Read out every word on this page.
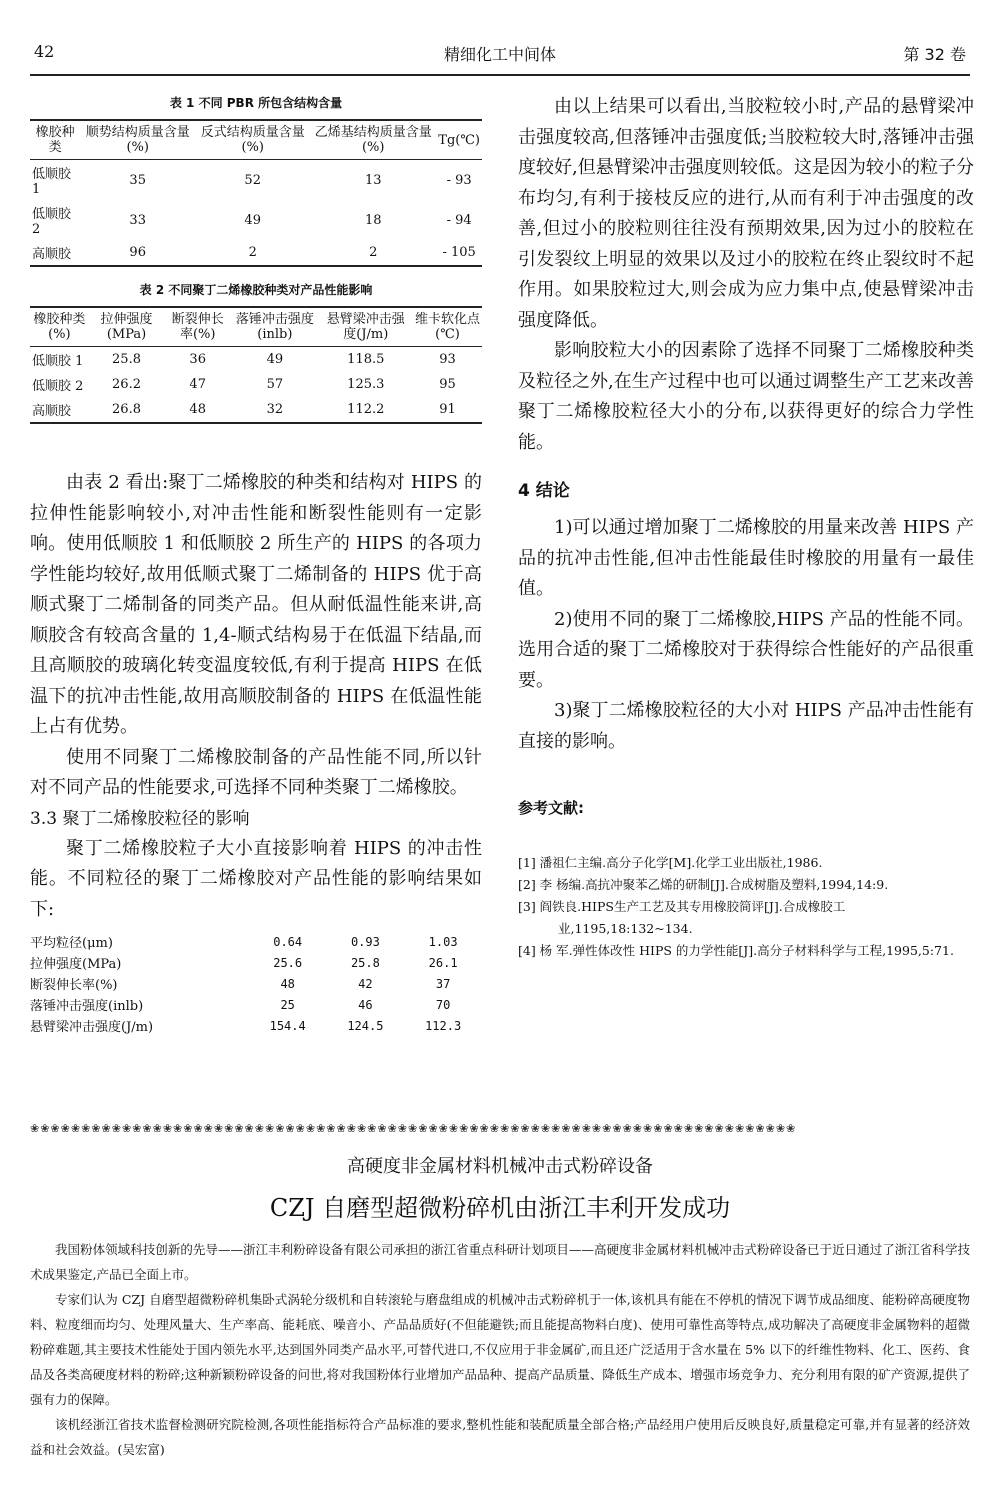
42	精细化工中间体	第 32 卷
表 1 不同 PBR 所包含结构含量
橡胶种类	顺势结构质量含量(%)	反式结构质量含量(%)	乙烯基结构质量含量(%)	Tg(℃)
低顺胶 1	35	52	13	- 93
低顺胶 2	33	49	18	- 94
高顺胶	96	2	2	- 105
表 2 不同聚丁二烯橡胶种类对产品性能影响
橡胶种类(%)	拉伸强度(MPa)	断裂伸长率(%)	落锤冲击强度(inlb)	悬臂梁冲击强度(J/m)	维卡软化点(℃)
低顺胶 1	25.8	36	49	118.5	93
低顺胶 2	26.2	47	57	125.3	95
高顺胶	26.8	48	32	112.2	91

由表 2 看出:聚丁二烯橡胶的种类和结构对 HIPS 的拉伸性能影响较小,对冲击性能和断裂性能则有一定影响。使用低顺胶 1 和低顺胶 2 所生产的 HIPS 的各项力学性能均较好,故用低顺式聚丁二烯制备的 HIPS 优于高顺式聚丁二烯制备的同类产品。但从耐低温性能来讲,高顺胶含有较高含量的 1,4-顺式结构易于在低温下结晶,而且高顺胶的玻璃化转变温度较低,有利于提高 HIPS 在低温下的抗冲击性能,故用高顺胶制备的 HIPS 在低温性能上占有优势。

使用不同聚丁二烯橡胶制备的产品性能不同,所以针对不同产品的性能要求,可选择不同种类聚丁二烯橡胶。

3.3 聚丁二烯橡胶粒径的影响

聚丁二烯橡胶粒子大小直接影响着 HIPS 的冲击性能。不同粒径的聚丁二烯橡胶对产品性能的影响结果如下:

平均粒径(μm)	0.64	0.93	1.03
拉伸强度(MPa)	25.6	25.8	26.1
断裂伸长率(%)	48	42	37
落锤冲击强度(inlb)	25	46	70
悬臂梁冲击强度(J/m)	154.4	124.5	112.3

由以上结果可以看出,当胶粒较小时,产品的悬臂梁冲击强度较高,但落锤冲击强度低;当胶粒较大时,落锤冲击强度较好,但悬臂梁冲击强度则较低。这是因为较小的粒子分布均匀,有利于接枝反应的进行,从而有利于冲击强度的改善,但过小的胶粒则往往没有预期效果,因为过小的胶粒在引发裂纹上明显的效果以及过小的胶粒在终止裂纹时不起作用。如果胶粒过大,则会成为应力集中点,使悬臂梁冲击强度降低。

影响胶粒大小的因素除了选择不同聚丁二烯橡胶种类及粒径之外,在生产过程中也可以通过调整生产工艺来改善聚丁二烯橡胶粒径大小的分布,以获得更好的综合力学性能。

4 结论

1)可以通过增加聚丁二烯橡胶的用量来改善 HIPS 产品的抗冲击性能,但冲击性能最佳时橡胶的用量有一最佳值。

2)使用不同的聚丁二烯橡胶,HIPS 产品的性能不同。选用合适的聚丁二烯橡胶对于获得综合性能好的产品很重要。

3)聚丁二烯橡胶粒径的大小对 HIPS 产品冲击性能有直接的影响。

参考文献:

[1] 潘祖仁主编.高分子化学[M].化学工业出版社,1986.

[2] 李 杨编.高抗冲聚苯乙烯的研制[J].合成树脂及塑料,1994,14:9.

[3] 阎铁良.HIPS生产工艺及其专用橡胶简评[J].合成橡胶工业,1195,18:132~134.

[4] 杨 军.弹性体改性 HIPS 的力学性能[J].高分子材料科学与工程,1995,5:71.

❀❀❀❀❀❀❀❀❀❀❀❀❀❀❀❀❀❀❀❀❀❀❀❀❀❀❀❀❀❀❀❀❀❀❀❀❀❀❀❀❀❀❀❀❀❀❀❀❀❀❀❀❀❀❀❀❀❀❀❀❀❀❀❀❀❀❀❀❀❀❀❀❀❀❀

高硬度非金属材料机械冲击式粉碎设备

CZJ 自磨型超微粉碎机由浙江丰利开发成功

我国粉体领域科技创新的先导——浙江丰利粉碎设备有限公司承担的浙江省重点科研计划项目——高硬度非金属材料机械冲击式粉碎设备已于近日通过了浙江省科学技术成果鉴定,产品已全面上市。

专家们认为 CZJ 自磨型超微粉碎机集卧式涡轮分级机和自转滚轮与磨盘组成的机械冲击式粉碎机于一体,该机具有能在不停机的情况下调节成品细度、能粉碎高硬度物料、粒度细而均匀、处理风量大、生产率高、能耗底、噪音小、产品品质好(不但能避铁;而且能提高物料白度)、使用可靠性高等特点,成功解决了高硬度非金属物料的超微粉碎难题,其主要技术性能处于国内领先水平,达到国外同类产品水平,可替代进口,不仅应用于非金属矿,而且还广泛适用于含水量在 5% 以下的纤维性物料、化工、医药、食品及各类高硬度材料的粉碎;这种新颖粉碎设备的问世,将对我国粉体行业增加产品品种、提高产品质量、降低生产成本、增强市场竞争力、充分利用有限的矿产资源,提供了强有力的保障。

该机经浙江省技术监督检测研究院检测,各项性能指标符合产品标准的要求,整机性能和装配质量全部合格;产品经用户使用后反映良好,质量稳定可靠,并有显著的经济效益和社会效益。(吴宏富)
